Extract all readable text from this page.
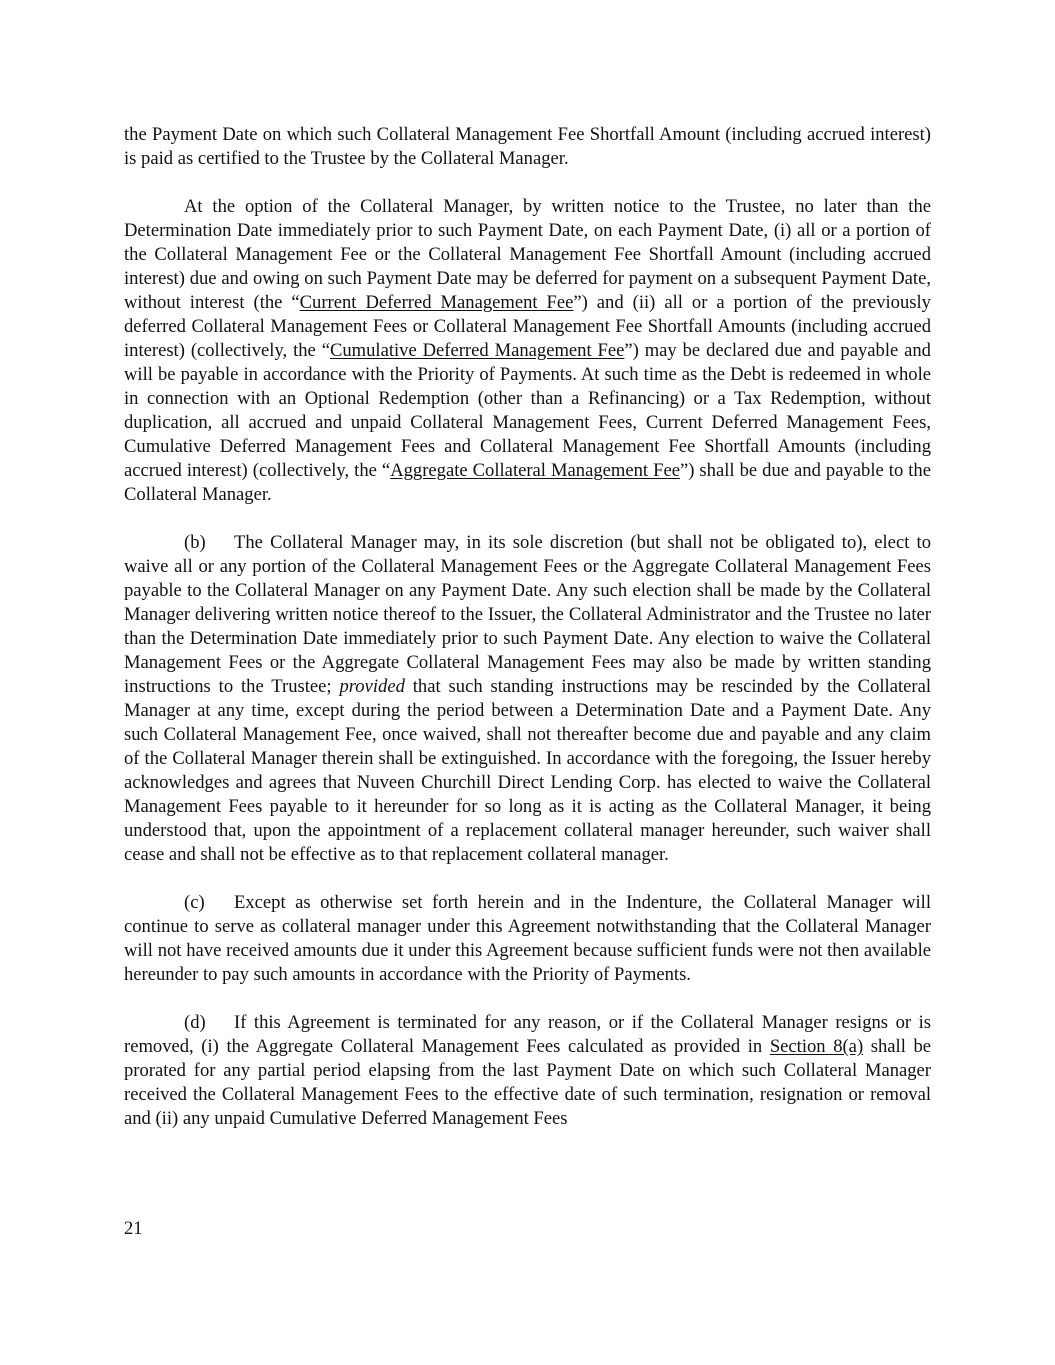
the Payment Date on which such Collateral Management Fee Shortfall Amount (including accrued interest) is paid as certified to the Trustee by the Collateral Manager.

At the option of the Collateral Manager, by written notice to the Trustee, no later than the Determination Date immediately prior to such Payment Date, on each Payment Date, (i) all or a portion of the Collateral Management Fee or the Collateral Management Fee Shortfall Amount (including accrued interest) due and owing on such Payment Date may be deferred for payment on a subsequent Payment Date, without interest (the “Current Deferred Management Fee”) and (ii) all or a portion of the previously deferred Collateral Management Fees or Collateral Management Fee Shortfall Amounts (including accrued interest) (collectively, the “Cumulative Deferred Management Fee”) may be declared due and payable and will be payable in accordance with the Priority of Payments. At such time as the Debt is redeemed in whole in connection with an Optional Redemption (other than a Refinancing) or a Tax Redemption, without duplication, all accrued and unpaid Collateral Management Fees, Current Deferred Management Fees, Cumulative Deferred Management Fees and Collateral Management Fee Shortfall Amounts (including accrued interest) (collectively, the “Aggregate Collateral Management Fee”) shall be due and payable to the Collateral Manager.

(b) The Collateral Manager may, in its sole discretion (but shall not be obligated to), elect to waive all or any portion of the Collateral Management Fees or the Aggregate Collateral Management Fees payable to the Collateral Manager on any Payment Date. Any such election shall be made by the Collateral Manager delivering written notice thereof to the Issuer, the Collateral Administrator and the Trustee no later than the Determination Date immediately prior to such Payment Date. Any election to waive the Collateral Management Fees or the Aggregate Collateral Management Fees may also be made by written standing instructions to the Trustee; provided that such standing instructions may be rescinded by the Collateral Manager at any time, except during the period between a Determination Date and a Payment Date. Any such Collateral Management Fee, once waived, shall not thereafter become due and payable and any claim of the Collateral Manager therein shall be extinguished. In accordance with the foregoing, the Issuer hereby acknowledges and agrees that Nuveen Churchill Direct Lending Corp. has elected to waive the Collateral Management Fees payable to it hereunder for so long as it is acting as the Collateral Manager, it being understood that, upon the appointment of a replacement collateral manager hereunder, such waiver shall cease and shall not be effective as to that replacement collateral manager.

(c) Except as otherwise set forth herein and in the Indenture, the Collateral Manager will continue to serve as collateral manager under this Agreement notwithstanding that the Collateral Manager will not have received amounts due it under this Agreement because sufficient funds were not then available hereunder to pay such amounts in accordance with the Priority of Payments.

(d) If this Agreement is terminated for any reason, or if the Collateral Manager resigns or is removed, (i) the Aggregate Collateral Management Fees calculated as provided in Section 8(a) shall be prorated for any partial period elapsing from the last Payment Date on which such Collateral Manager received the Collateral Management Fees to the effective date of such termination, resignation or removal and (ii) any unpaid Cumulative Deferred Management Fees

21
